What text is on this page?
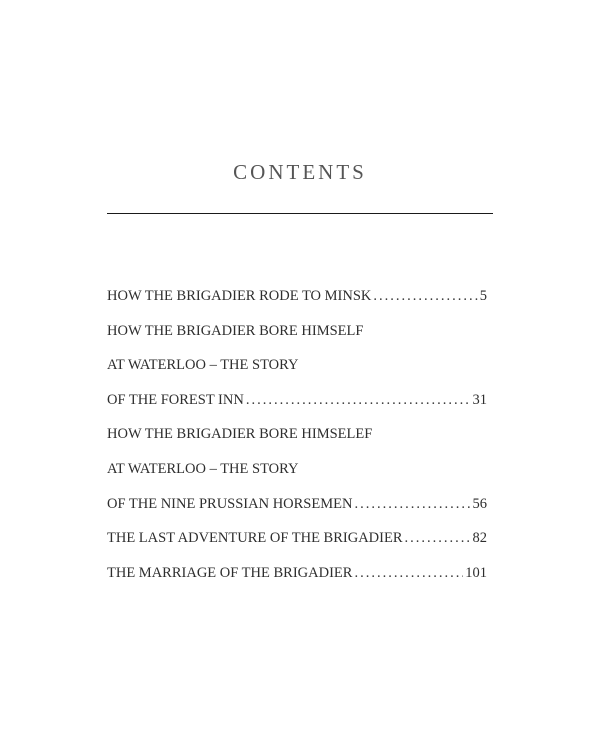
CONTENTS
HOW THE BRIGADIER RODE TO MINSK .....	5
HOW THE BRIGADIER BORE HIMSELF
AT WATERLOO – THE STORY
OF THE FOREST INN .....	31
HOW THE BRIGADIER BORE HIMSELEF
AT WATERLOO – THE STORY
OF THE NINE PRUSSIAN HORSEMEN .....	56
THE LAST ADVENTURE OF THE BRIGADIER .....	82
THE MARRIAGE OF THE BRIGADIER .....	101
